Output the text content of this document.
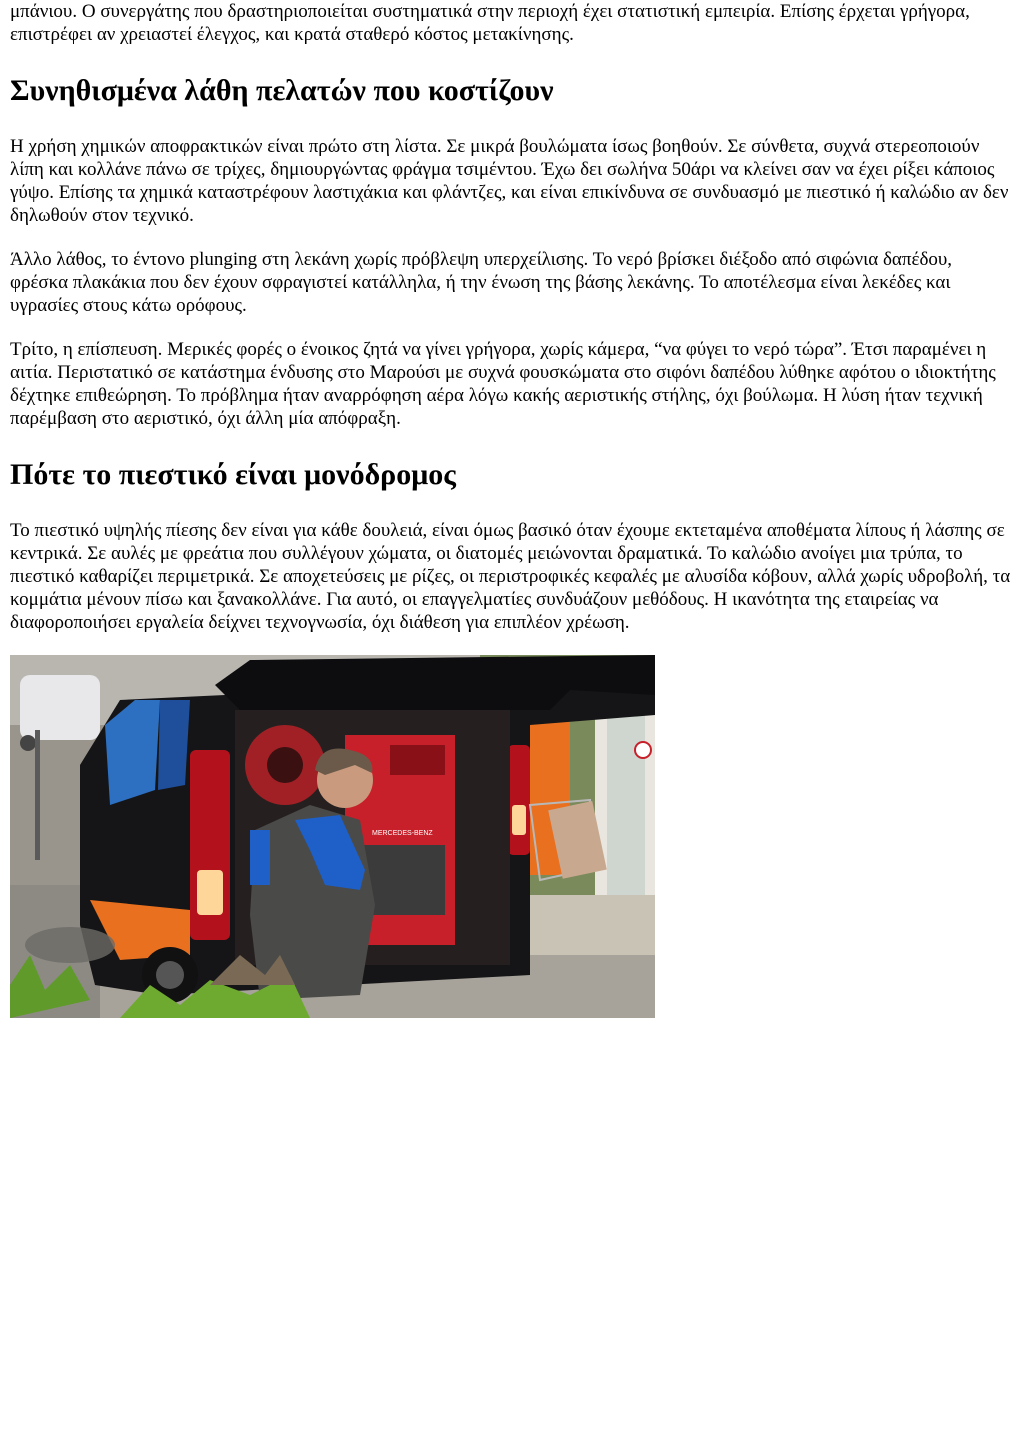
μπάνιου. Ο συνεργάτης που δραστηριοποιείται συστηματικά στην περιοχή έχει στατιστική εμπειρία. Επίσης έρχεται γρήγορα, επιστρέφει αν χρειαστεί έλεγχος, και κρατά σταθερό κόστος μετακίνησης.

Συνηθισμένα λάθη πελατών που κοστίζουν

Η χρήση χημικών αποφρακτικών είναι πρώτο στη λίστα. Σε μικρά βουλώματα ίσως βοηθούν. Σε σύνθετα, συχνά στερεοποιούν λίπη και κολλάνε πάνω σε τρίχες, δημιουργώντας φράγμα τσιμέντου. Έχω δει σωλήνα 50άρι να κλείνει σαν να έχει ρίξει κάποιος γύψο. Επίσης τα χημικά καταστρέφουν λαστιχάκια και φλάντζες, και είναι επικίνδυνα σε συνδυασμό με πιεστικό ή καλώδιο αν δεν δηλωθούν στον τεχνικό.

Άλλο λάθος, το έντονο plunging στη λεκάνη χωρίς πρόβλεψη υπερχείλισης. Το νερό βρίσκει διέξοδο από σιφώνια δαπέδου, φρέσκα πλακάκια που δεν έχουν σφραγιστεί κατάλληλα, ή την ένωση της βάσης λεκάνης. Το αποτέλεσμα είναι λεκέδες και υγρασίες στους κάτω ορόφους.

Τρίτο, η επίσπευση. Μερικές φορές ο ένοικος ζητά να γίνει γρήγορα, χωρίς κάμερα, “να φύγει το νερό τώρα”. Έτσι παραμένει η αιτία. Περιστατικό σε κατάστημα ένδυσης στο Μαρούσι με συχνά φουσκώματα στο σιφόνι δαπέδου λύθηκε αφότου ο ιδιοκτήτης δέχτηκε επιθεώρηση. Το πρόβλημα ήταν αναρρόφηση αέρα λόγω κακής αεριστικής στήλης, όχι βούλωμα. Η λύση ήταν τεχνική παρέμβαση στο αεριστικό, όχι άλλη μία απόφραξη.

Πότε το πιεστικό είναι μονόδρομος

Το πιεστικό υψηλής πίεσης δεν είναι για κάθε δουλειά, είναι όμως βασικό όταν έχουμε εκτεταμένα αποθέματα λίπους ή λάσπης σε κεντρικά. Σε αυλές με φρεάτια που συλλέγουν χώματα, οι διατομές μειώνονται δραματικά. Το καλώδιο ανοίγει μια τρύπα, το πιεστικό καθαρίζει περιμετρικά. Σε αποχετεύσεις με ρίζες, οι περιστροφικές κεφαλές με αλυσίδα κόβουν, αλλά χωρίς υδροβολή, τα κομμάτια μένουν πίσω και ξανακολλάνε. Για αυτό, οι επαγγελματίες συνδυάζουν μεθόδους. Η ικανότητα της εταιρείας να διαφοροποιήσει εργαλεία δείχνει τεχνογνωσία, όχι διάθεση για επιπλέον χρέωση.

MERCEDES-BENZ
